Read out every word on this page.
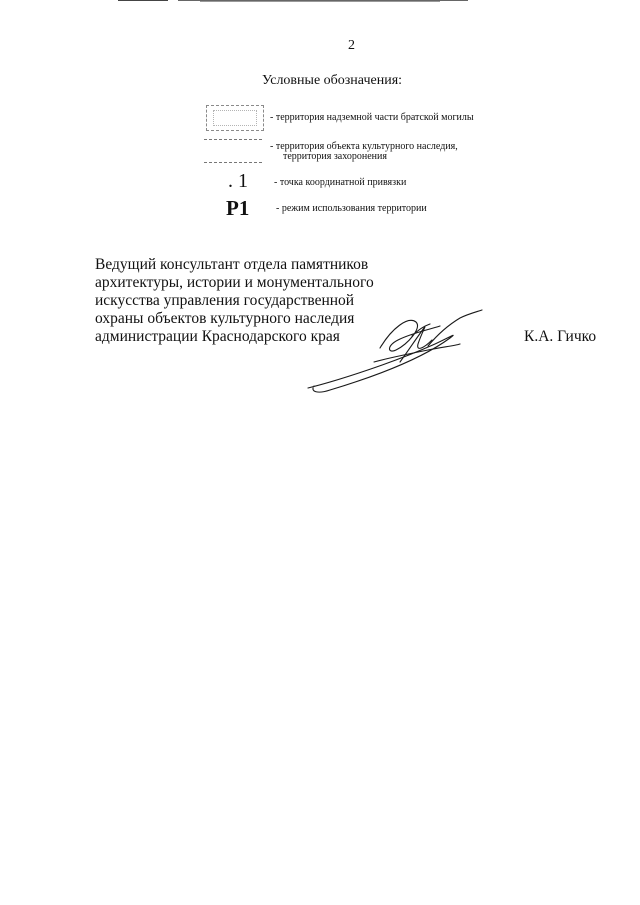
2
Условные обозначения:
- территория надземной части братской могилы
- территория объекта культурного наследия,
территория захоронения
. 1	- точка координатной привязки
P1	- режим использования территории
Ведущий консультант отдела памятников
архитектуры, истории и монументального
искусства управления государственной
охраны объектов культурного наследия
администрации Краснодарского края	К.А. Гичко
